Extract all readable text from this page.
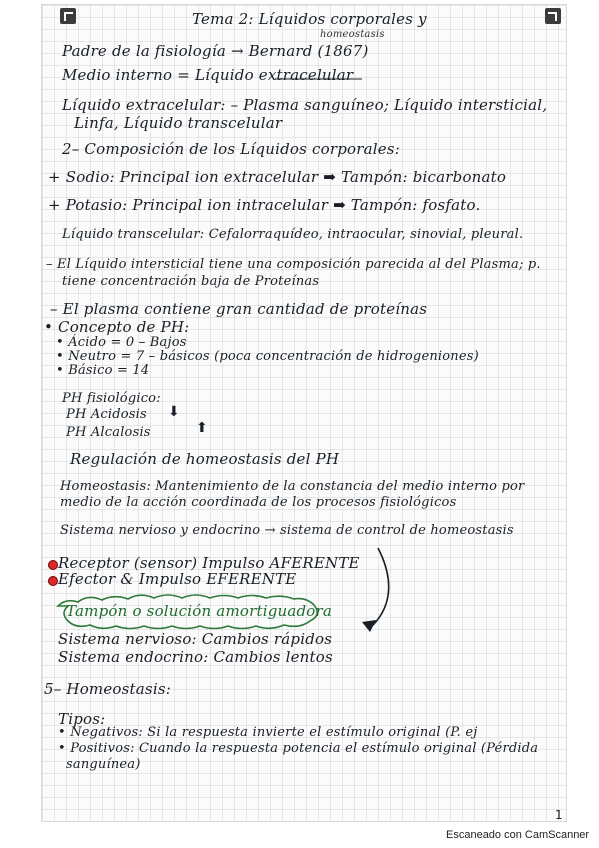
Tema 2: Líquidos corporales y
homeostasis
Padre de la fisiología → Bernard (1867)
Medio interno = Líquido extracelular
Líquido extracelular: – Plasma sanguíneo; Líquido intersticial,
Linfa, Líquido transcelular
2– Composición de los Líquidos corporales:
+ Sodio: Principal ion extracelular ➡ Tampón: bicarbonato
+ Potasio: Principal ion intracelular ➡ Tampón: fosfato.
Líquido transcelular: Cefalorraquídeo, intraocular, sinovial, pleural.
– El Líquido intersticial tiene una composición parecida al del Plasma; p.
tiene concentración baja de Proteínas
– El plasma contiene gran cantidad de proteínas
• Concepto de PH:
• Ácido = 0 – Bajos
• Neutro = 7 – básicos (poca concentración de hidrogeniones)
• Básico = 14
PH fisiológico:
PH Acidosis ⬇
PH Alcalosis	⬆
Regulación de homeostasis del PH
Homeostasis: Mantenimiento de la constancia del medio interno por
medio de la acción coordinada de los procesos fisiológicos
Sistema nervioso y endocrino → sistema de control de homeostasis
Receptor (sensor) Impulso AFERENTE
Efector & Impulso EFERENTE
Tampón o solución amortiguadora
Sistema nervioso: Cambios rápidos
Sistema endocrino: Cambios lentos
5– Homeostasis:
Tipos:
• Negativos: Si la respuesta invierte el estímulo original (P. ej
• Positivos: Cuando la respuesta potencia el estímulo original (Pérdida
sanguínea)
1
Escaneado con CamScanner
